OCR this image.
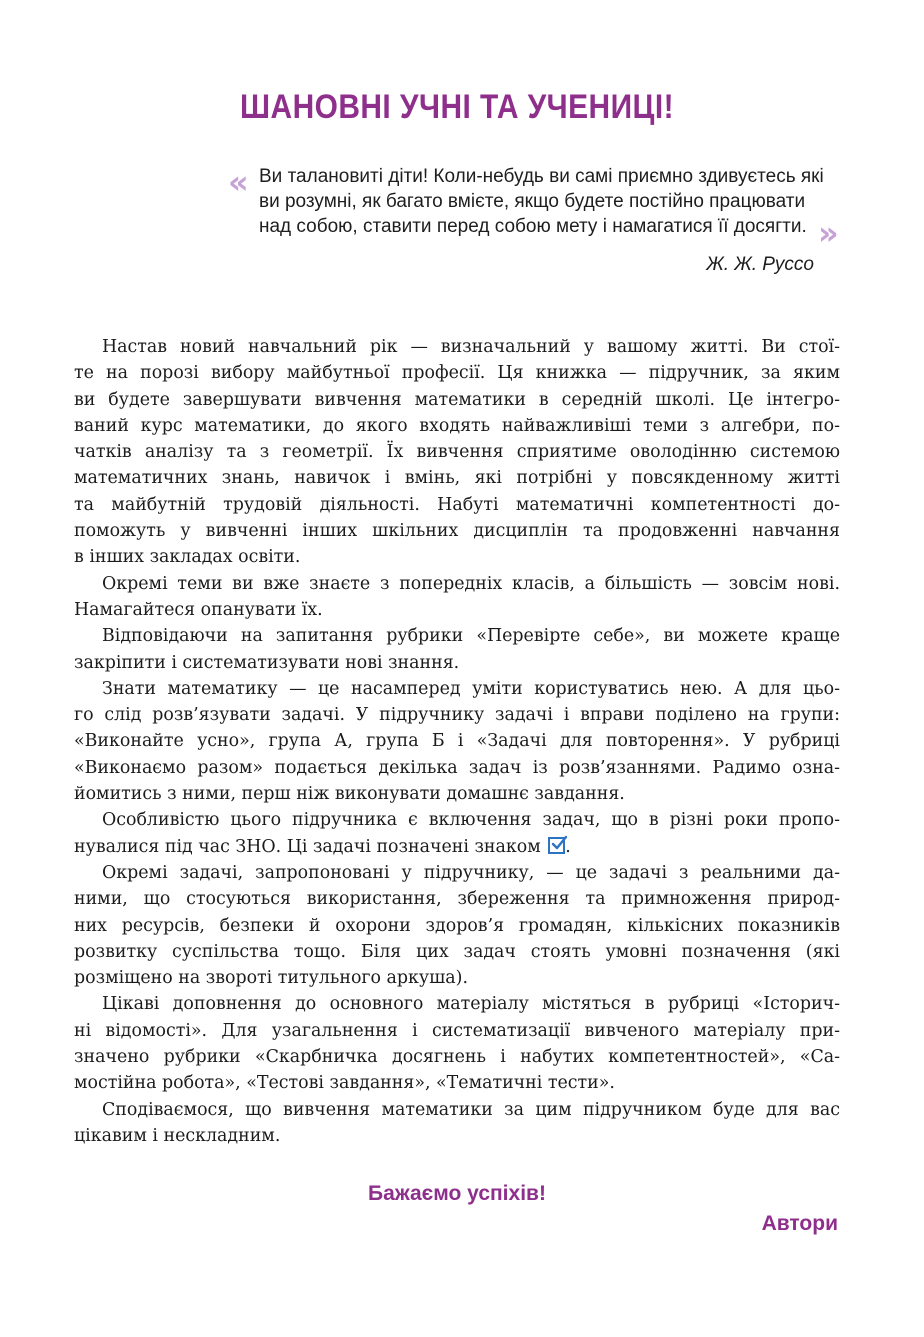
ШАНОВНІ УЧНІ ТА УЧЕНИЦІ!
« Ви талановиті діти! Коли-небудь ви самі приємно здивуєтесь які
ви розумні, як багато вмієте, якщо будете постійно працювати
над собою, ставити перед собою мету і намагатися її досягти. »
Ж. Ж. Руссо
Настав новий навчальний рік — визначальний у вашому житті. Ви стої-
те на порозі вибору майбутньої професії. Ця книжка — підручник, за яким
ви будете завершувати вивчення математики в середній школі. Це інтегро-
ваний курс математики, до якого входять найважливіші теми з алгебри, по-
чатків аналізу та з геометрії. Їх вивчення сприятиме оволодінню системою
математичних знань, навичок і вмінь, які потрібні у повсякденному житті
та майбутній трудовій діяльності. Набуті математичні компетентності до-
поможуть у вивченні інших шкільних дисциплін та продовженні навчання
в інших закладах освіти.
Окремі теми ви вже знаєте з попередніх класів, а більшість — зовсім нові.
Намагайтеся опанувати їх.
Відповідаючи на запитання рубрики «Перевірте себе», ви можете краще
закріпити і систематизувати нові знання.
Знати математику — це насамперед уміти користуватись нею. А для цьо-
го слід розв’язувати задачі. У підручнику задачі і вправи поділено на групи:
«Виконайте усно», група А, група Б і «Задачі для повторення». У рубриці
«Виконаємо разом» подається декілька задач із розв’язаннями. Радимо озна-
йомитись з ними, перш ніж виконувати домашнє завдання.
Особливістю цього підручника є включення задач, що в різні роки пропо-
нувалися під час ЗНО. Ці задачі позначені знаком .
Окремі задачі, запропоновані у підручнику, — це задачі з реальними да-
ними, що стосуються використання, збереження та примноження природ-
них ресурсів, безпеки й охорони здоров’я громадян, кількісних показників
розвитку суспільства тощо. Біля цих задач стоять умовні позначення (які
розміщено на звороті титульного аркуша).
Цікаві доповнення до основного матеріалу містяться в рубриці «Історич-
ні відомості». Для узагальнення і систематизації вивченого матеріалу при-
значено рубрики «Скарбничка досягнень і набутих компетентностей», «Са-
мостійна робота», «Тестові завдання», «Тематичні тести».
Сподіваємося, що вивчення математики за цим підручником буде для вас
цікавим і нескладним.
Бажаємо успіхів!
Автори
